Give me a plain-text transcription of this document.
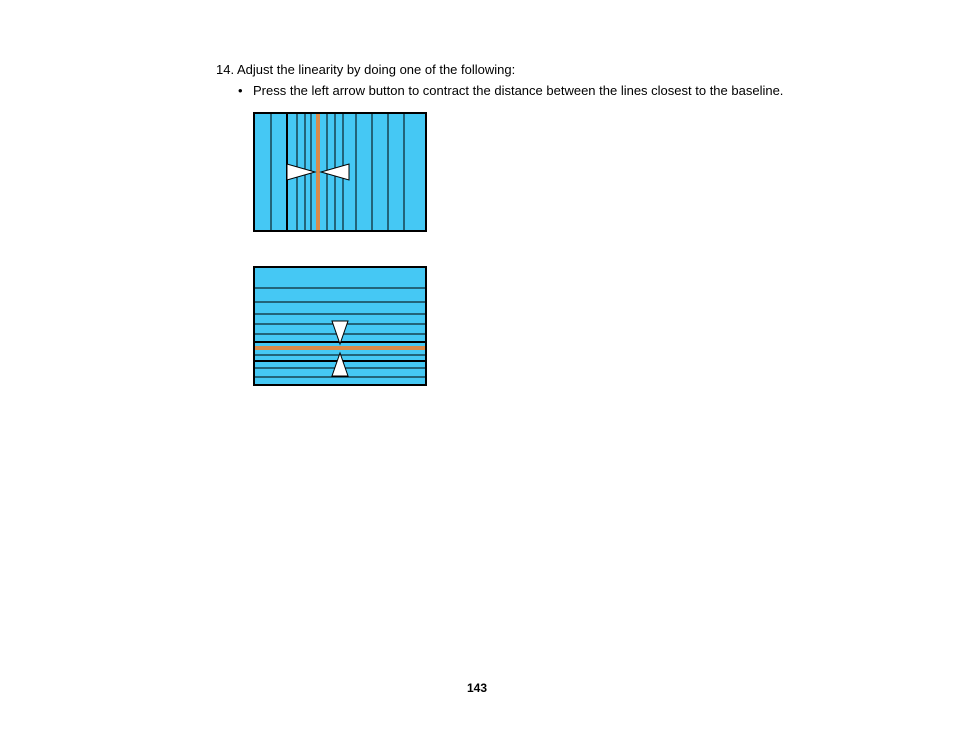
14. Adjust the linearity by doing one of the following:
• Press the left arrow button to contract the distance between the lines closest to the baseline.
143
